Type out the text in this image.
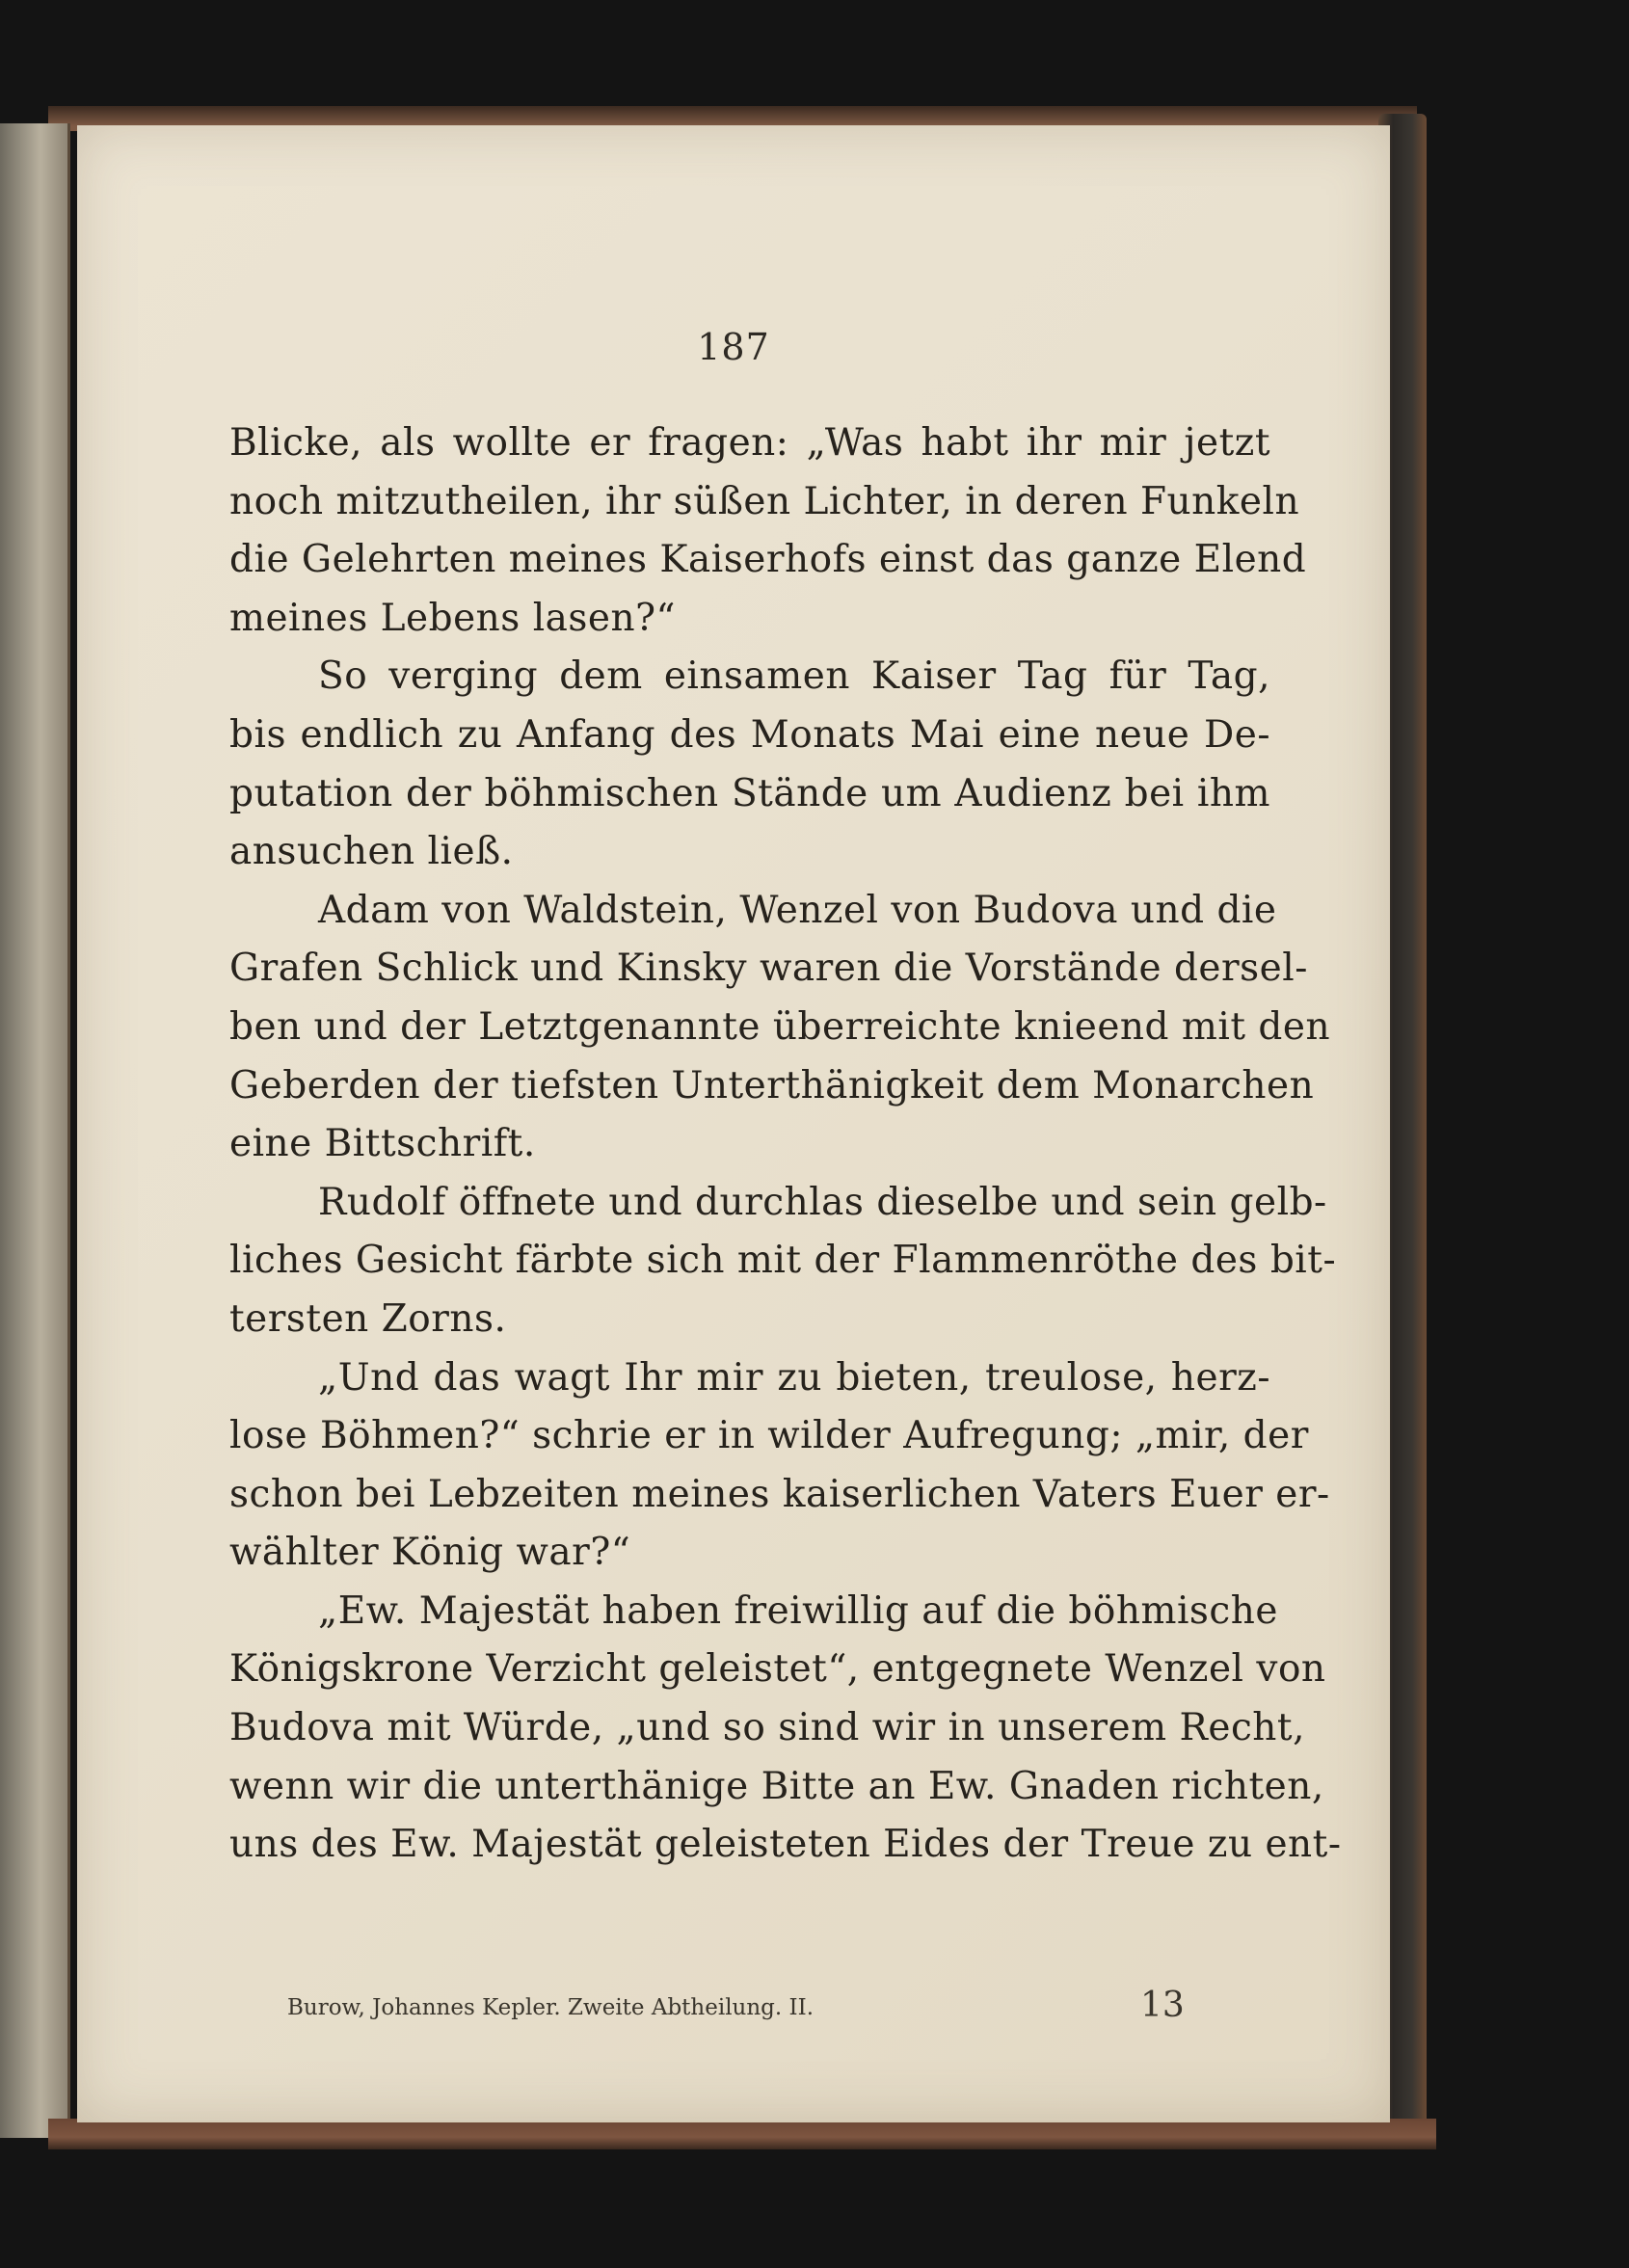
187
Blicke, als wollte er fragen: „Was habt ihr mir jetzt
noch mitzutheilen, ihr süßen Lichter, in deren Funkeln
die Gelehrten meines Kaiserhofs einst das ganze Elend
meines Lebens lasen?“
So verging dem einsamen Kaiser Tag für Tag,
bis endlich zu Anfang des Monats Mai eine neue De-
putation der böhmischen Stände um Audienz bei ihm
ansuchen ließ.
Adam von Waldstein, Wenzel von Budova und die
Grafen Schlick und Kinsky waren die Vorstände dersel-
ben und der Letztgenannte überreichte knieend mit den
Geberden der tiefsten Unterthänigkeit dem Monarchen
eine Bittschrift.
Rudolf öffnete und durchlas dieselbe und sein gelb-
liches Gesicht färbte sich mit der Flammenröthe des bit-
tersten Zorns.
„Und das wagt Ihr mir zu bieten, treulose, herz-
lose Böhmen?“ schrie er in wilder Aufregung; „mir, der
schon bei Lebzeiten meines kaiserlichen Vaters Euer er-
wählter König war?“
„Ew. Majestät haben freiwillig auf die böhmische
Königskrone Verzicht geleistet“, entgegnete Wenzel von
Budova mit Würde, „und so sind wir in unserem Recht,
wenn wir die unterthänige Bitte an Ew. Gnaden richten,
uns des Ew. Majestät geleisteten Eides der Treue zu ent-
Burow, Johannes Kepler. Zweite Abtheilung. II.	13
